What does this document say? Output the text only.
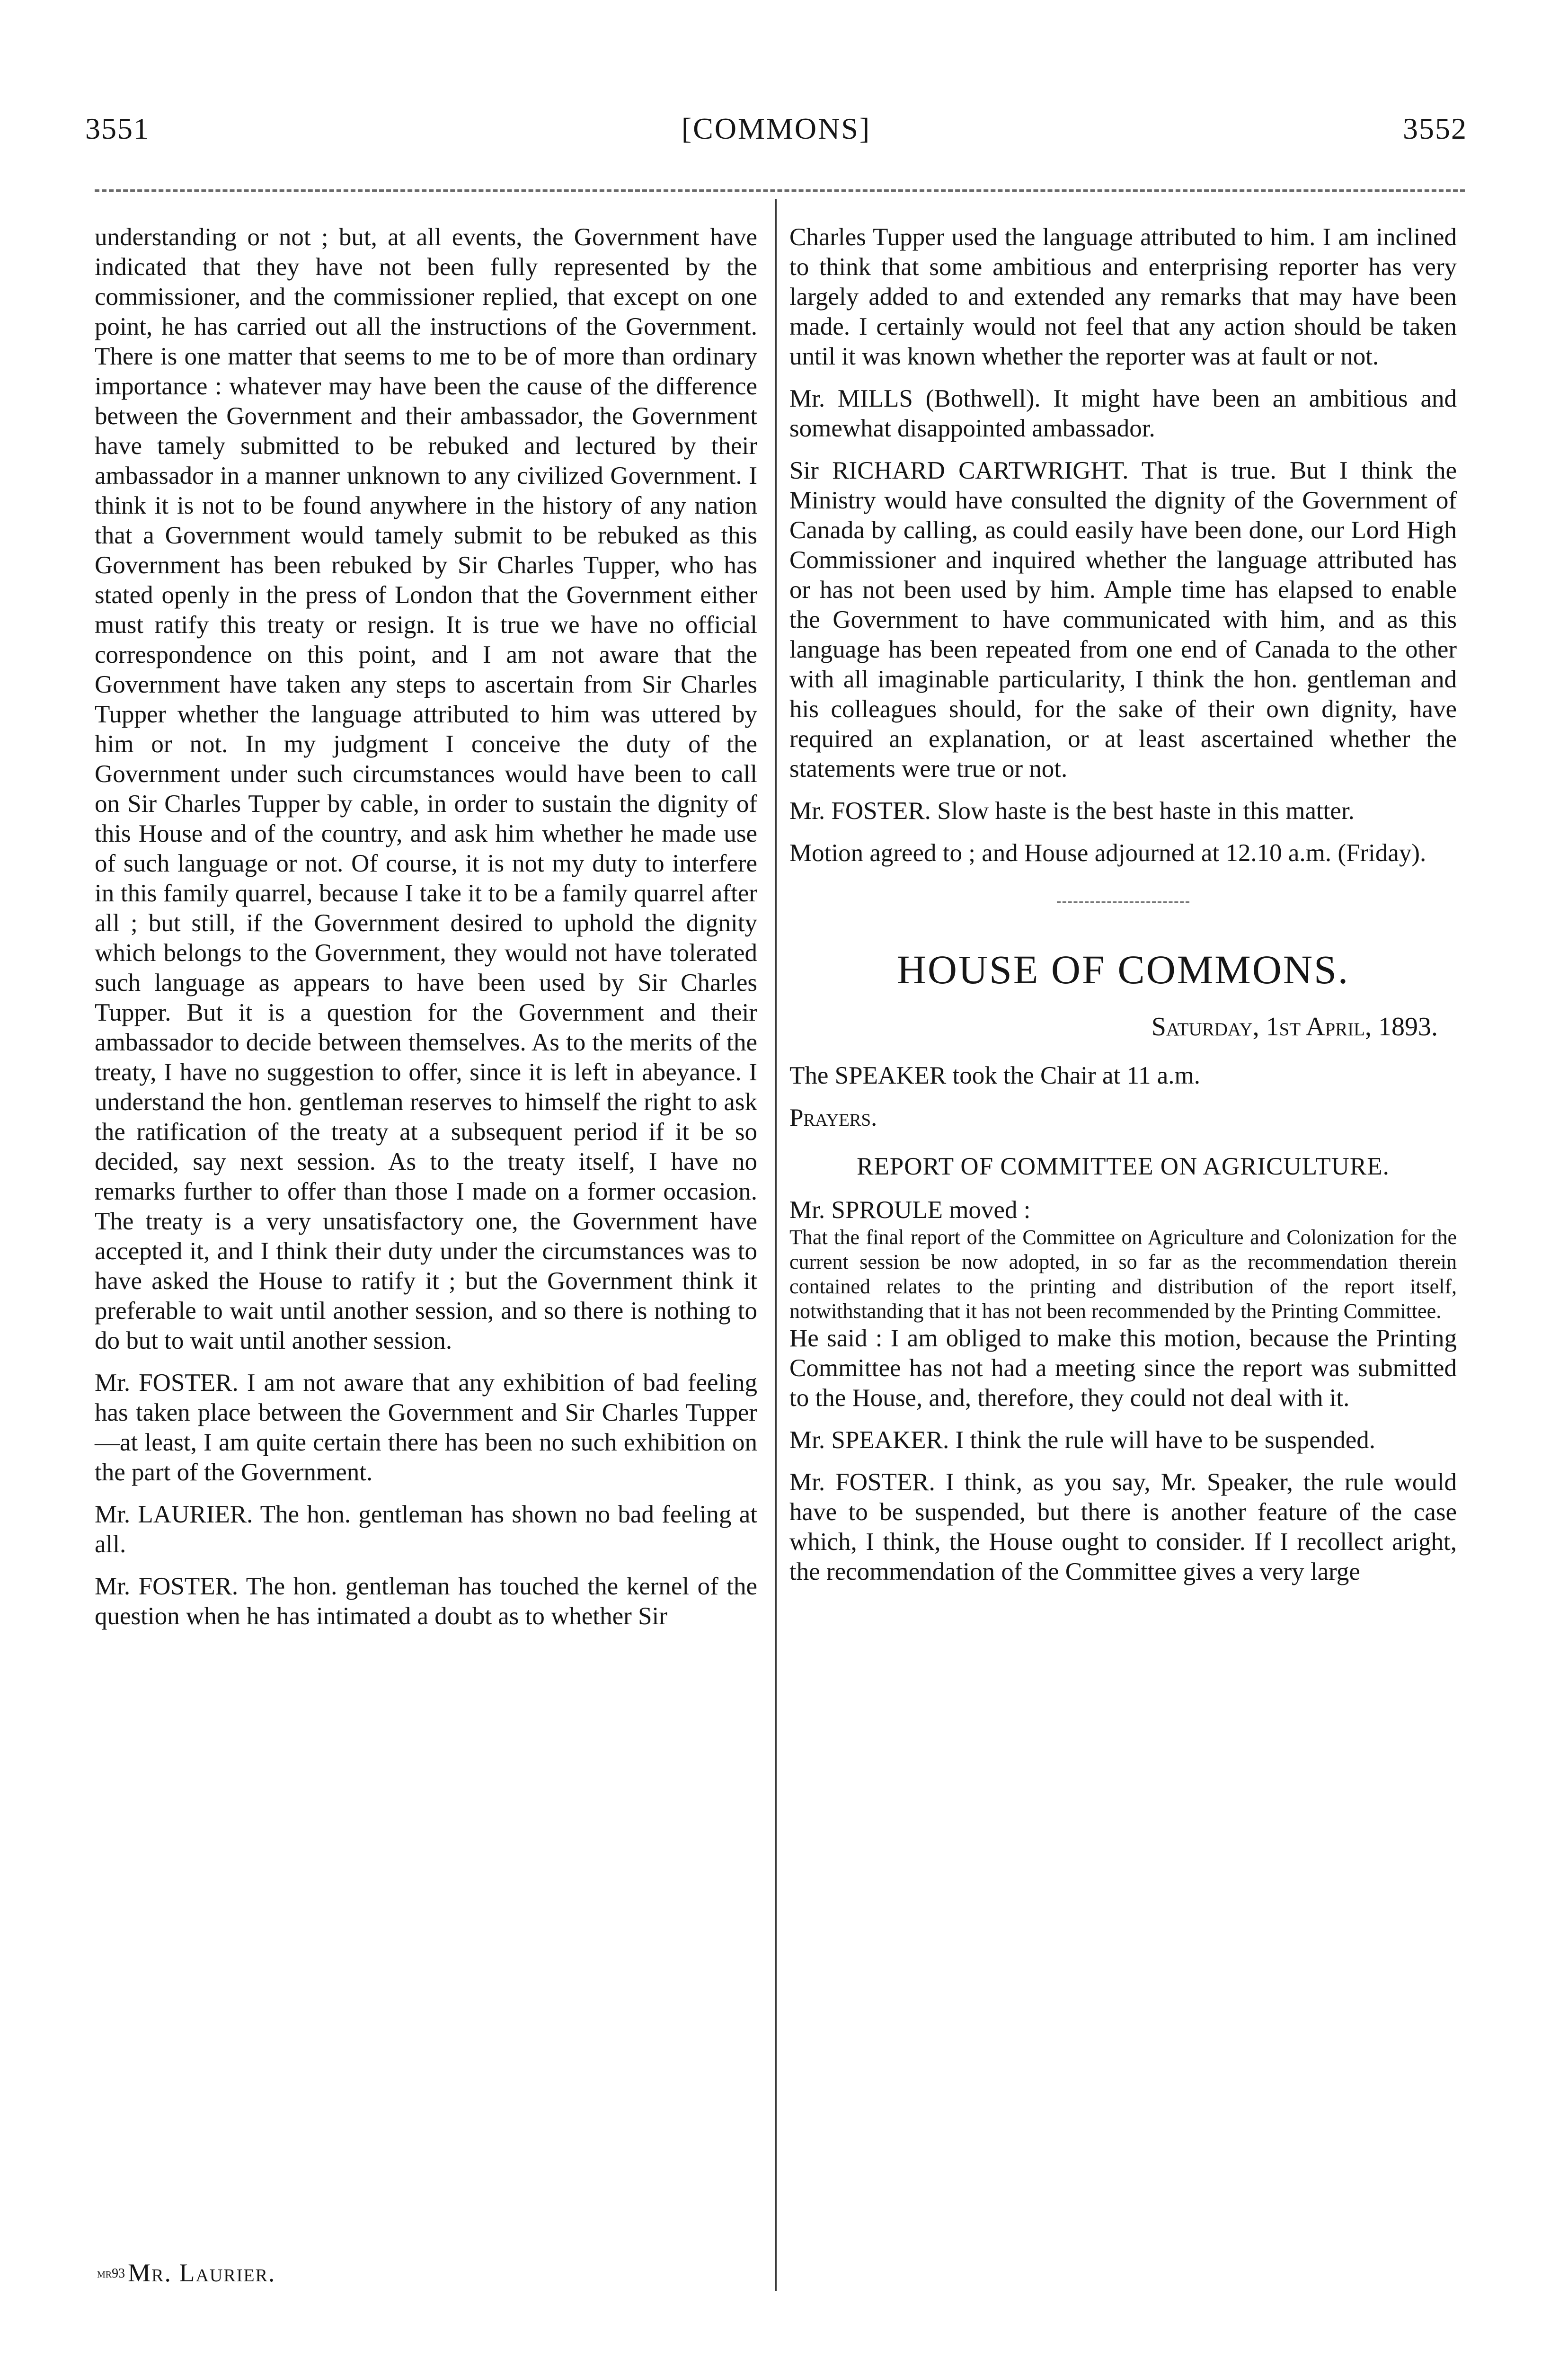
3551	[COMMONS]	3552

understanding or not ; but, at all events, the Government have indicated that they have not been fully represented by the commissioner, and the commissioner replied, that except on one point, he has carried out all the instructions of the Government. There is one matter that seems to me to be of more than ordinary importance : whatever may have been the cause of the difference between the Government and their ambassador, the Government have tamely submitted to be rebuked and lectured by their ambassador in a manner unknown to any civilized Government. I think it is not to be found anywhere in the history of any nation that a Government would tamely submit to be rebuked as this Government has been rebuked by Sir Charles Tupper, who has stated openly in the press of London that the Government either must ratify this treaty or resign. It is true we have no official correspondence on this point, and I am not aware that the Government have taken any steps to ascertain from Sir Charles Tupper whether the language attributed to him was uttered by him or not. In my judgment I conceive the duty of the Government under such circumstances would have been to call on Sir Charles Tupper by cable, in order to sustain the dignity of this House and of the country, and ask him whether he made use of such language or not. Of course, it is not my duty to interfere in this family quarrel, because I take it to be a family quarrel after all ; but still, if the Government desired to uphold the dignity which belongs to the Government, they would not have tolerated such language as appears to have been used by Sir Charles Tupper. But it is a question for the Government and their ambassador to decide between themselves. As to the merits of the treaty, I have no suggestion to offer, since it is left in abeyance. I understand the hon. gentleman reserves to himself the right to ask the ratification of the treaty at a subsequent period if it be so decided, say next session. As to the treaty itself, I have no remarks further to offer than those I made on a former occasion. The treaty is a very unsatisfactory one, the Government have accepted it, and I think their duty under the circumstances was to have asked the House to ratify it ; but the Government think it preferable to wait until another session, and so there is nothing to do but to wait until another session.

Mr. FOSTER. I am not aware that any exhibition of bad feeling has taken place between the Government and Sir Charles Tupper—at least, I am quite certain there has been no such exhibition on the part of the Government.

Mr. LAURIER. The hon. gentleman has shown no bad feeling at all.

Mr. FOSTER. The hon. gentleman has touched the kernel of the question when he has intimated a doubt as to whether Sir

mr93 Mr. Laurier.

Charles Tupper used the language attributed to him. I am inclined to think that some ambitious and enterprising reporter has very largely added to and extended any remarks that may have been made. I certainly would not feel that any action should be taken until it was known whether the reporter was at fault or not.

Mr. MILLS (Bothwell). It might have been an ambitious and somewhat disappointed ambassador.

Sir RICHARD CARTWRIGHT. That is true. But I think the Ministry would have consulted the dignity of the Government of Canada by calling, as could easily have been done, our Lord High Commissioner and inquired whether the language attributed has or has not been used by him. Ample time has elapsed to enable the Government to have communicated with him, and as this language has been repeated from one end of Canada to the other with all imaginable particularity, I think the hon. gentleman and his colleagues should, for the sake of their own dignity, have required an explanation, or at least ascertained whether the statements were true or not.

Mr. FOSTER. Slow haste is the best haste in this matter.

Motion agreed to ; and House adjourned at 12.10 a.m. (Friday).

HOUSE OF COMMONS.
Saturday, 1st April, 1893.

The SPEAKER took the Chair at 11 a.m.

Prayers.

REPORT OF COMMITTEE ON AGRICULTURE.

Mr. SPROULE moved :

That the final report of the Committee on Agriculture and Colonization for the current session be now adopted, in so far as the recommendation therein contained relates to the printing and distribution of the report itself, notwithstanding that it has not been recommended by the Printing Committee.

He said : I am obliged to make this motion, because the Printing Committee has not had a meeting since the report was submitted to the House, and, therefore, they could not deal with it.

Mr. SPEAKER. I think the rule will have to be suspended.

Mr. FOSTER. I think, as you say, Mr. Speaker, the rule would have to be suspended, but there is another feature of the case which, I think, the House ought to consider. If I recollect aright, the recommendation of the Committee gives a very large
